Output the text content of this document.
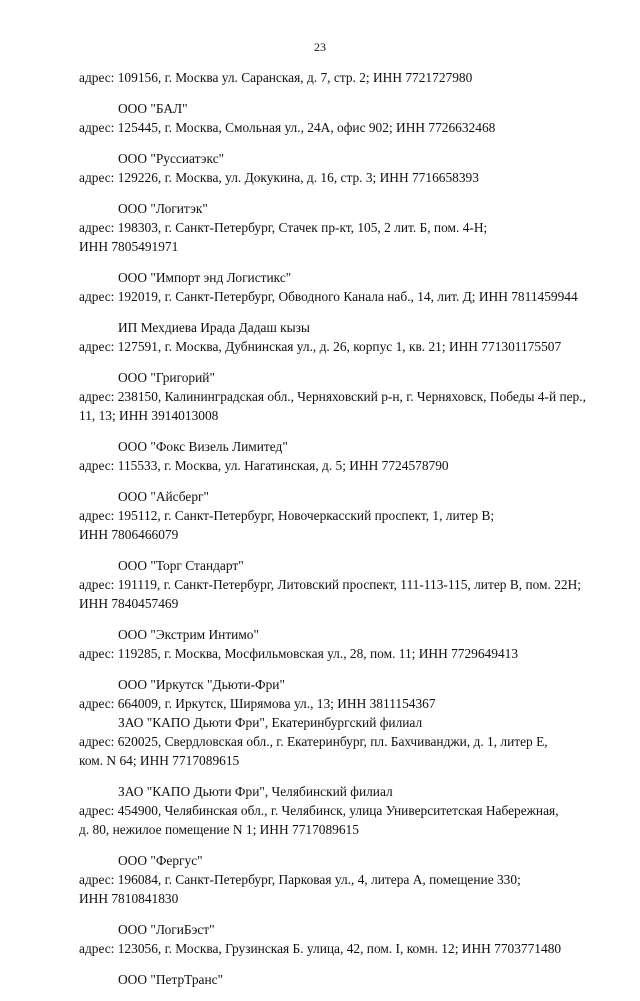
23
адрес: 109156, г. Москва ул. Саранская, д. 7, стр. 2; ИНН 7721727980
ООО "БАЛ"
адрес: 125445, г. Москва, Смольная ул., 24А, офис 902; ИНН 7726632468
ООО "Руссиатэкс"
адрес: 129226, г. Москва, ул. Докукина, д. 16, стр. 3; ИНН 7716658393
ООО "Логитэк"
адрес: 198303, г. Санкт-Петербург, Стачек пр-кт, 105, 2 лит. Б, пом. 4-Н;
ИНН 7805491971
ООО "Импорт энд Логистикс"
адрес: 192019, г. Санкт-Петербург, Обводного Канала наб., 14, лит. Д; ИНН 7811459944
ИП Мехдиева Ирада Дадаш кызы
адрес: 127591, г. Москва, Дубнинская ул., д. 26, корпус 1, кв. 21; ИНН 771301175507
ООО "Григорий"
адрес: 238150, Калининградская обл., Черняховский р-н, г. Черняховск, Победы 4-й пер.,
11, 13; ИНН 3914013008
ООО "Фокс Визель Лимитед"
адрес: 115533, г. Москва, ул. Нагатинская, д. 5; ИНН 7724578790
ООО "Айсберг"
адрес: 195112, г. Санкт-Петербург, Новочеркасский проспект, 1, литер В;
ИНН 7806466079
ООО "Торг Стандарт"
адрес: 191119, г. Санкт-Петербург, Литовский проспект, 111-113-115, литер В, пом. 22Н;
ИНН 7840457469
ООО "Экстрим Интимо"
адрес: 119285, г. Москва, Мосфильмовская ул., 28, пом. 11; ИНН 7729649413
ООО "Иркутск "Дьюти-Фри"
адрес: 664009, г. Иркутск, Ширямова ул., 13; ИНН 3811154367
ЗАО "КАПО Дьюти Фри", Екатеринбургский филиал
адрес: 620025, Свердловская обл., г. Екатеринбург, пл. Бахчиванджи, д. 1, литер Е,
ком. N 64; ИНН 7717089615
ЗАО "КАПО Дьюти Фри", Челябинский филиал
адрес: 454900, Челябинская обл., г. Челябинск, улица Университетская Набережная,
д. 80, нежилое помещение N 1; ИНН 7717089615
ООО "Фергус"
адрес: 196084, г. Санкт-Петербург, Парковая ул., 4, литера А, помещение 330;
ИНН 7810841830
ООО "ЛогиБэст"
адрес: 123056, г. Москва, Грузинская Б. улица, 42, пом. I, комн. 12; ИНН 7703771480
ООО "ПетрТранс"
